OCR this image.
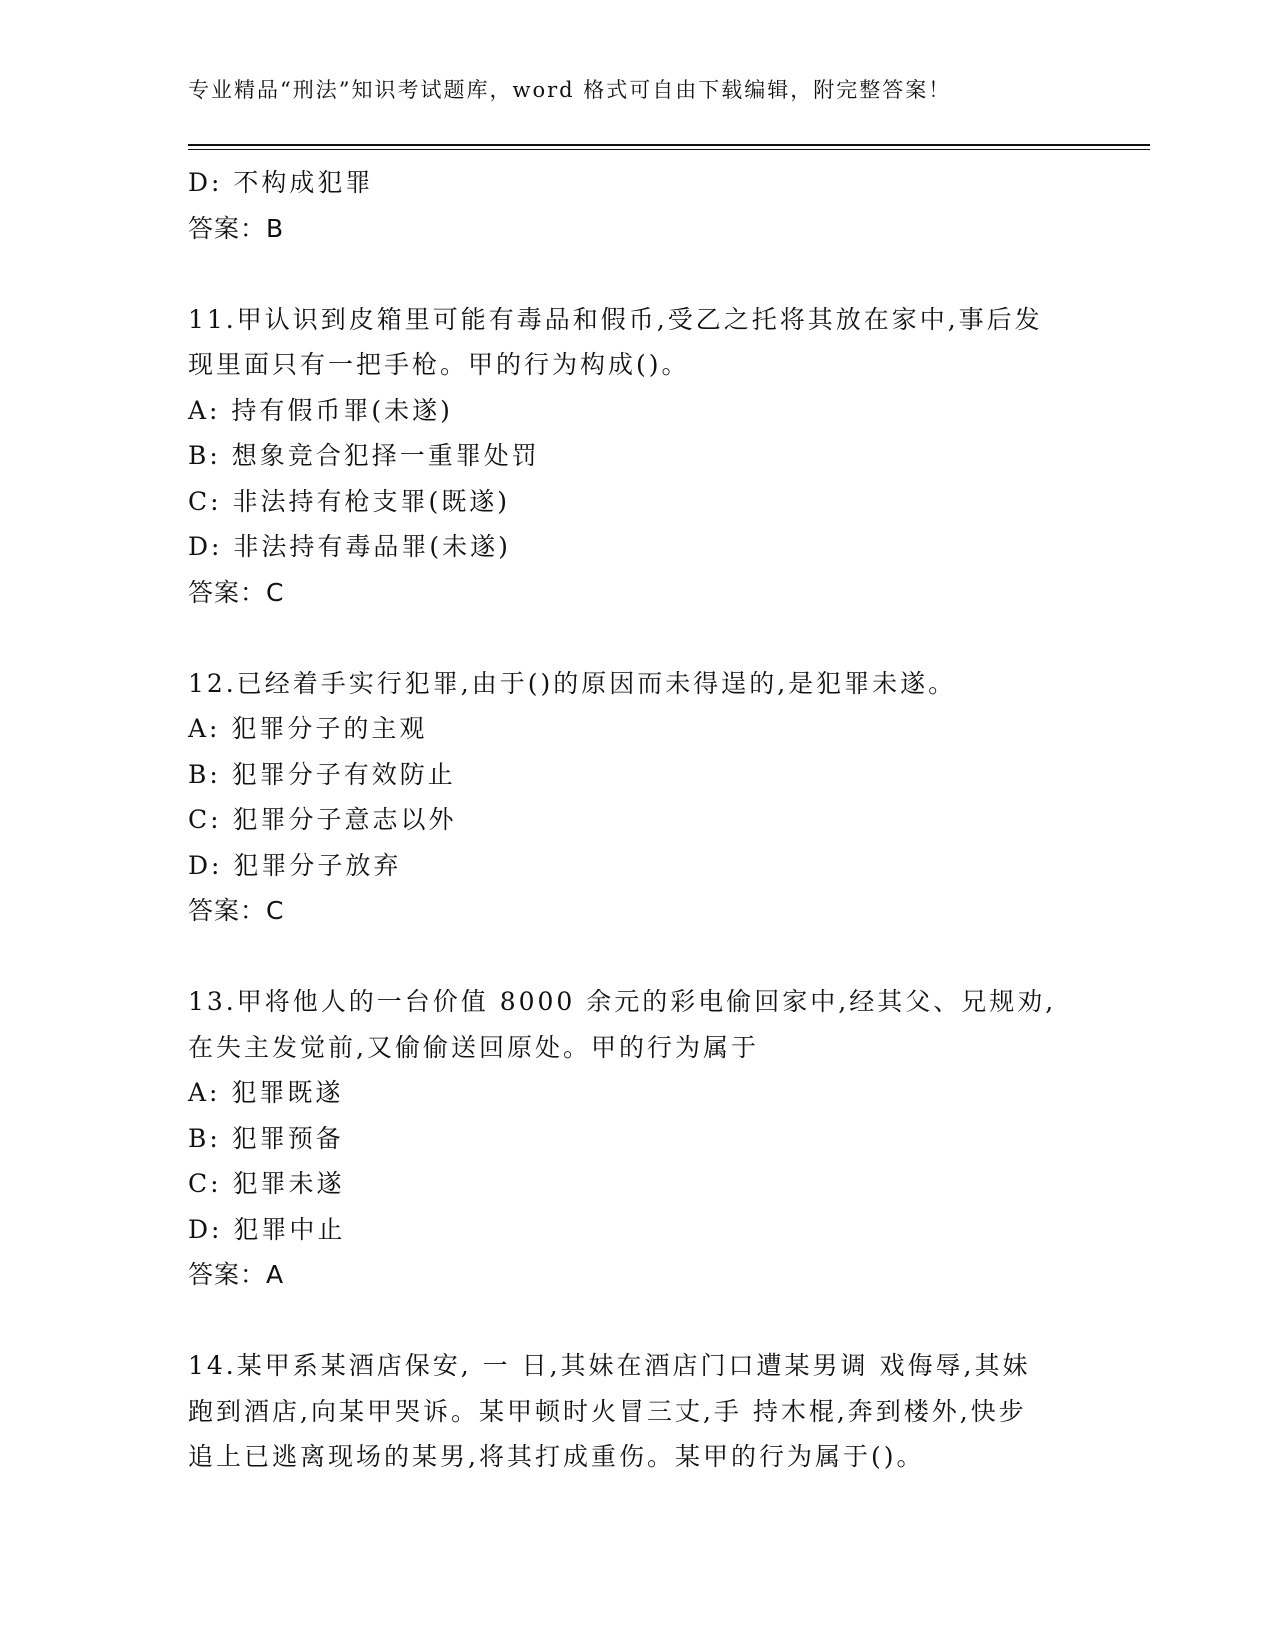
专业精品“刑法”知识考试题库，word 格式可自由下载编辑，附完整答案！
D: 不构成犯罪
答案：B
11.甲认识到皮箱里可能有毒品和假币,受乙之托将其放在家中,事后发
现里面只有一把手枪。甲的行为构成()。
A: 持有假币罪(未遂)
B: 想象竞合犯择一重罪处罚
C: 非法持有枪支罪(既遂)
D: 非法持有毒品罪(未遂)
答案：C
12.已经着手实行犯罪,由于()的原因而未得逞的,是犯罪未遂。
A: 犯罪分子的主观
B: 犯罪分子有效防止
C: 犯罪分子意志以外
D: 犯罪分子放弃
答案：C
13.甲将他人的一台价值 8000 余元的彩电偷回家中,经其父、兄规劝,
在失主发觉前,又偷偷送回原处。甲的行为属于
A: 犯罪既遂
B: 犯罪预备
C: 犯罪未遂
D: 犯罪中止
答案：A
14.某甲系某酒店保安, 一 日,其妹在酒店门口遭某男调 戏侮辱,其妹
跑到酒店,向某甲哭诉。某甲顿时火冒三丈,手 持木棍,奔到楼外,快步
追上已逃离现场的某男,将其打成重伤。某甲的行为属于()。
